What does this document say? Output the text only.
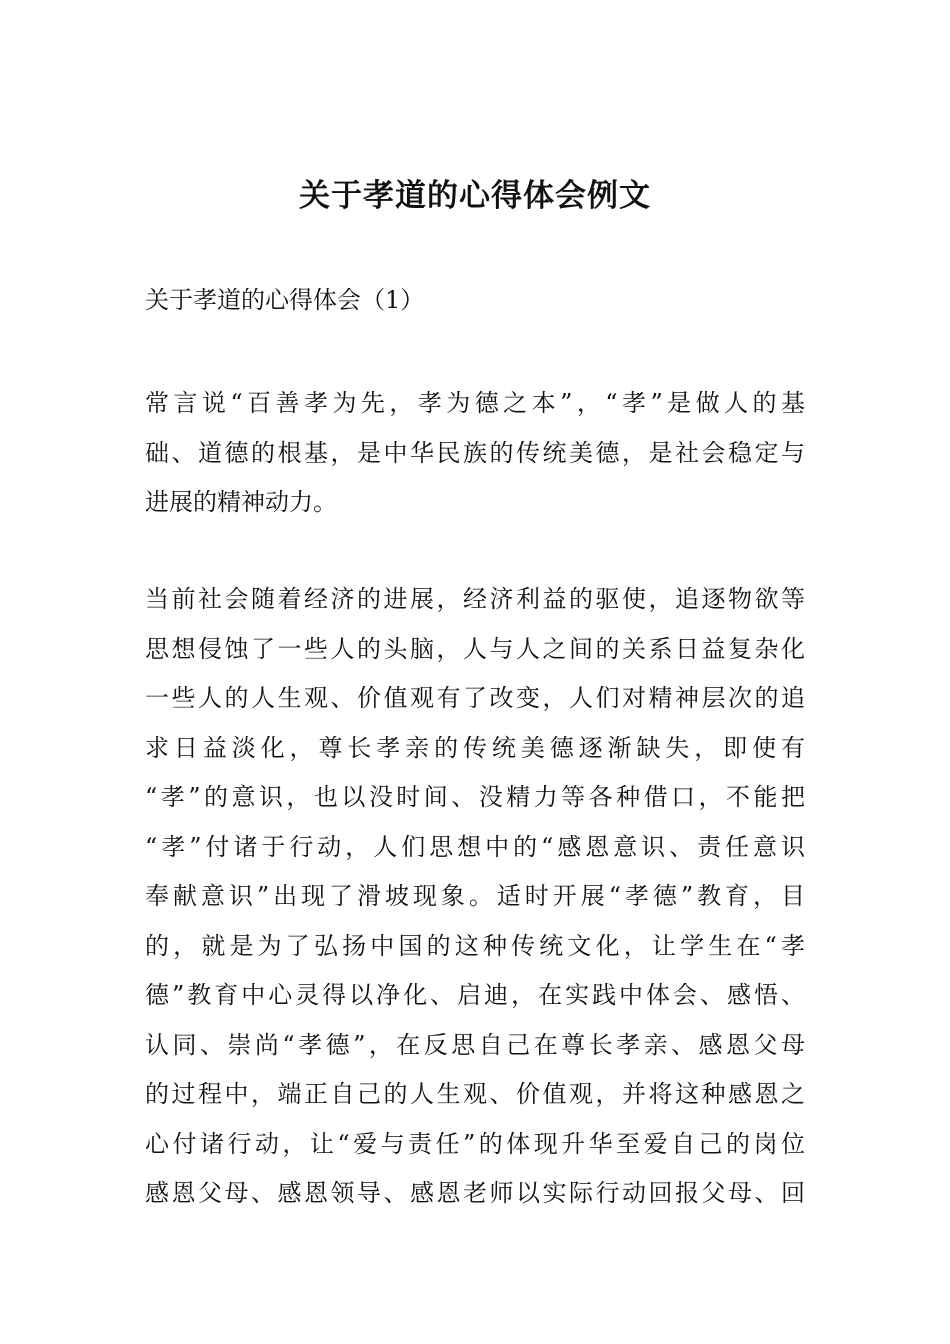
关于孝道的心得体会例文

关于孝道的心得体会（1）

常言说“百善孝为先，孝为德之本”，“孝”是做人的基
础、道德的根基，是中华民族的传统美德，是社会稳定与
进展的精神动力。
当前社会随着经济的进展，经济利益的驱使，追逐物欲等
思想侵蚀了一些人的头脑，人与人之间的关系日益复杂化
一些人的人生观、价值观有了改变，人们对精神层次的追
求日益淡化，尊长孝亲的传统美德逐渐缺失，即使有
“孝”的意识，也以没时间、没精力等各种借口，不能把
“孝”付诸于行动，人们思想中的“感恩意识、责任意识
奉献意识”出现了滑坡现象。适时开展“孝德”教育，目
的，就是为了弘扬中国的这种传统文化，让学生在“孝
德”教育中心灵得以净化、启迪，在实践中体会、感悟、
认同、崇尚“孝德”，在反思自己在尊长孝亲、感恩父母
的过程中，端正自己的人生观、价值观，并将这种感恩之
心付诸行动，让“爱与责任”的体现升华至爱自己的岗位
感恩父母、感恩领导、感恩老师以实际行动回报父母、回
